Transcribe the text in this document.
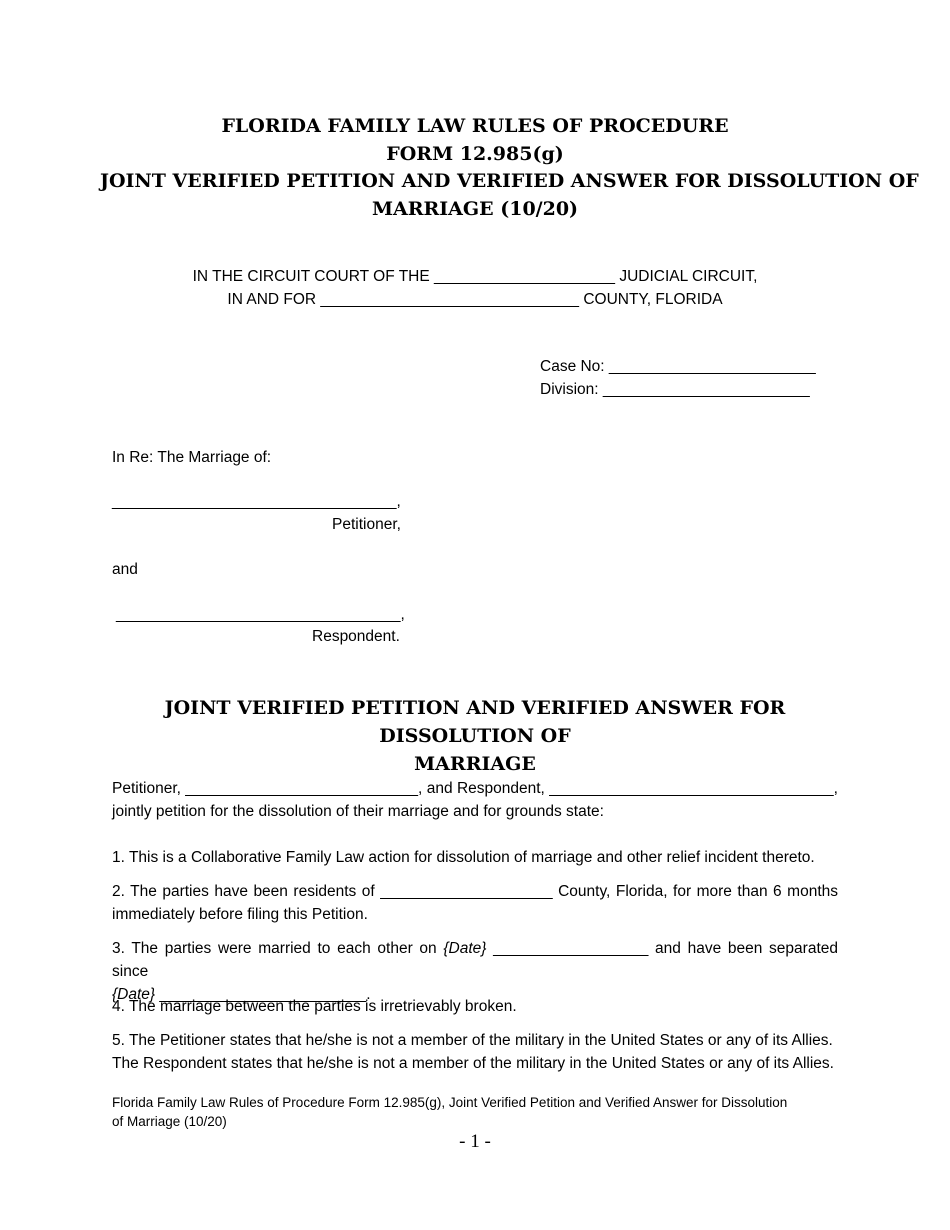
FLORIDA FAMILY LAW RULES OF PROCEDURE
FORM 12.985(g)
JOINT VERIFIED PETITION AND VERIFIED ANSWER FOR DISSOLUTION OF
MARRIAGE (10/20)
IN THE CIRCUIT COURT OF THE _____________________ JUDICIAL CIRCUIT,
IN AND FOR ______________________________ COUNTY, FLORIDA
Case No: ________________________
Division: ________________________
In Re: The Marriage of:
_________________________________,
Petitioner,
and
_________________________________,
Respondent.
JOINT VERIFIED PETITION AND VERIFIED ANSWER FOR DISSOLUTION OF
MARRIAGE
Petitioner, ___________________________, and Respondent, _________________________________,
jointly petition for the dissolution of their marriage and for grounds state:
1. This is a Collaborative Family Law action for dissolution of marriage and other relief incident thereto.
2. The parties have been residents of ____________________ County, Florida, for more than 6 months
immediately before filing this Petition.
3. The parties were married to each other on {Date} __________________ and have been separated since
{Date} ________________________.
4. The marriage between the parties is irretrievably broken.
5. The Petitioner states that he/she is not a member of the military in the United States or any of its Allies.
The Respondent states that he/she is not a member of the military in the United States or any of its Allies.
Florida Family Law Rules of Procedure Form 12.985(g), Joint Verified Petition and Verified Answer for Dissolution
of Marriage (10/20)
- 1 -
